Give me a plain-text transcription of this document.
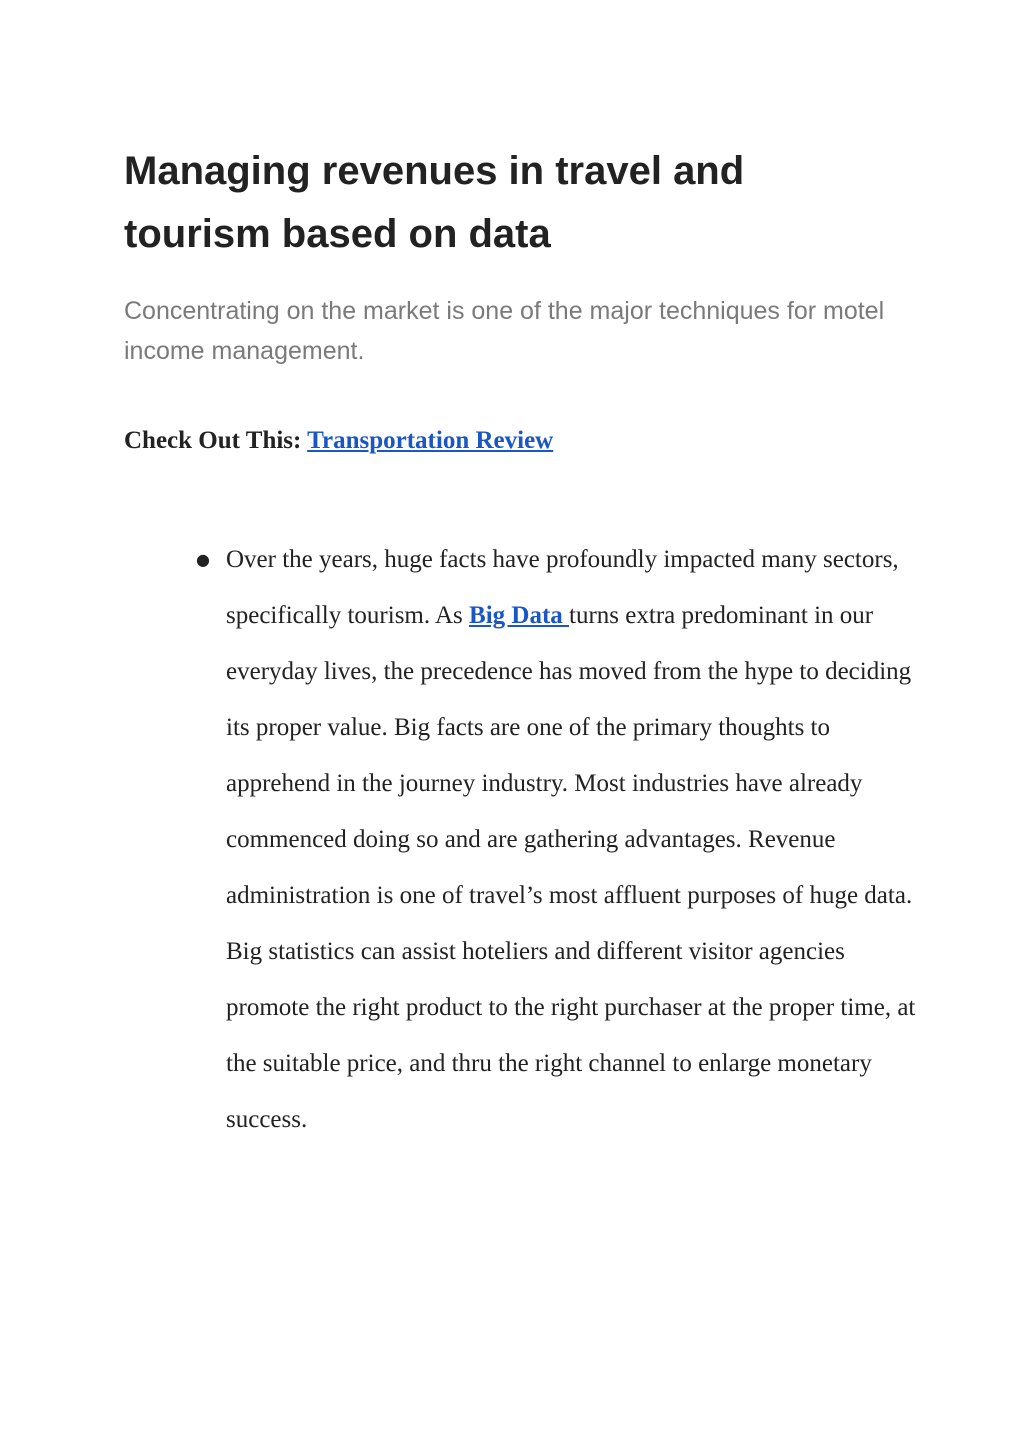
Managing revenues in travel and tourism based on data

Concentrating on the market is one of the major techniques for motel income management.

Check Out This: Transportation Review

● Over the years, huge facts have profoundly impacted many sectors, specifically tourism. As Big Data turns extra predominant in our everyday lives, the precedence has moved from the hype to deciding its proper value. Big facts are one of the primary thoughts to apprehend in the journey industry. Most industries have already commenced doing so and are gathering advantages. Revenue administration is one of travel’s most affluent purposes of huge data. Big statistics can assist hoteliers and different visitor agencies promote the right product to the right purchaser at the proper time, at the suitable price, and thru the right channel to enlarge monetary success.
